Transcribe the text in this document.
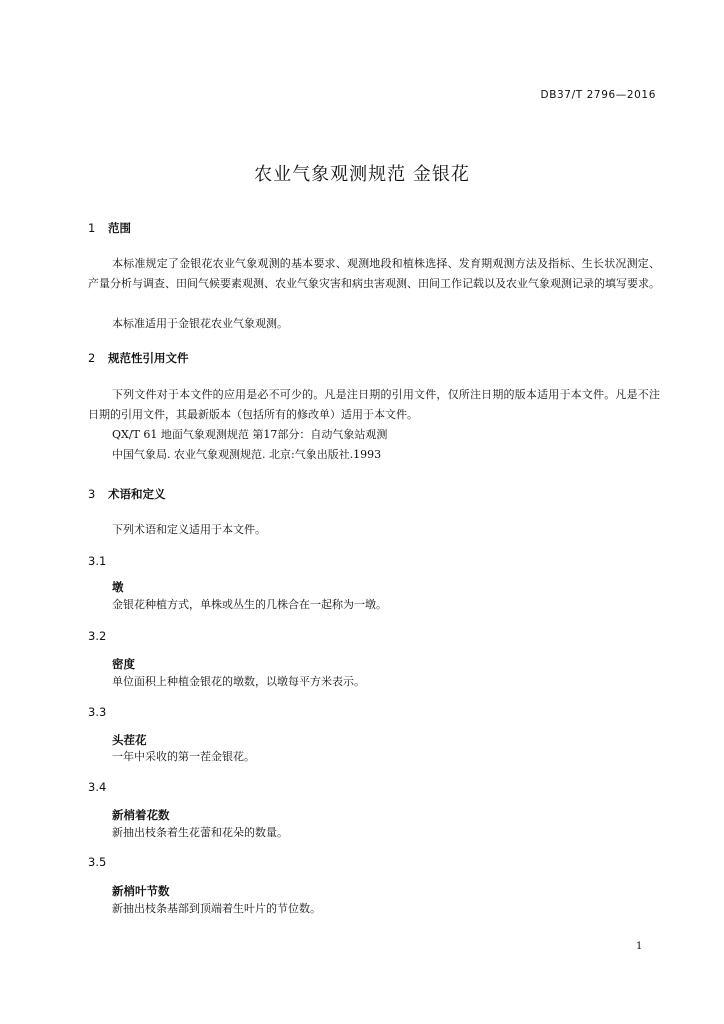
DB37/T 2796—2016
农业气象观测规范 金银花
1 范围
本标准规定了金银花农业气象观测的基本要求、观测地段和植株选择、发育期观测方法及指标、生长状况测定、产量分析与调查、田间气候要素观测、农业气象灾害和病虫害观测、田间工作记载以及农业气象观测记录的填写要求。
本标准适用于金银花农业气象观测。
2 规范性引用文件
下列文件对于本文件的应用是必不可少的。凡是注日期的引用文件，仅所注日期的版本适用于本文件。凡是不注日期的引用文件，其最新版本（包括所有的修改单）适用于本文件。
QX/T 61 地面气象观测规范 第17部分：自动气象站观测
中国气象局. 农业气象观测规范. 北京:气象出版社.1993
3 术语和定义
下列术语和定义适用于本文件。
3.1
墩
金银花种植方式，单株或丛生的几株合在一起称为一墩。
3.2
密度
单位面积上种植金银花的墩数，以墩每平方米表示。
3.3
头茬花
一年中采收的第一茬金银花。
3.4
新梢着花数
新抽出枝条着生花蕾和花朵的数量。
3.5
新梢叶节数
新抽出枝条基部到顶端着生叶片的节位数。
1
